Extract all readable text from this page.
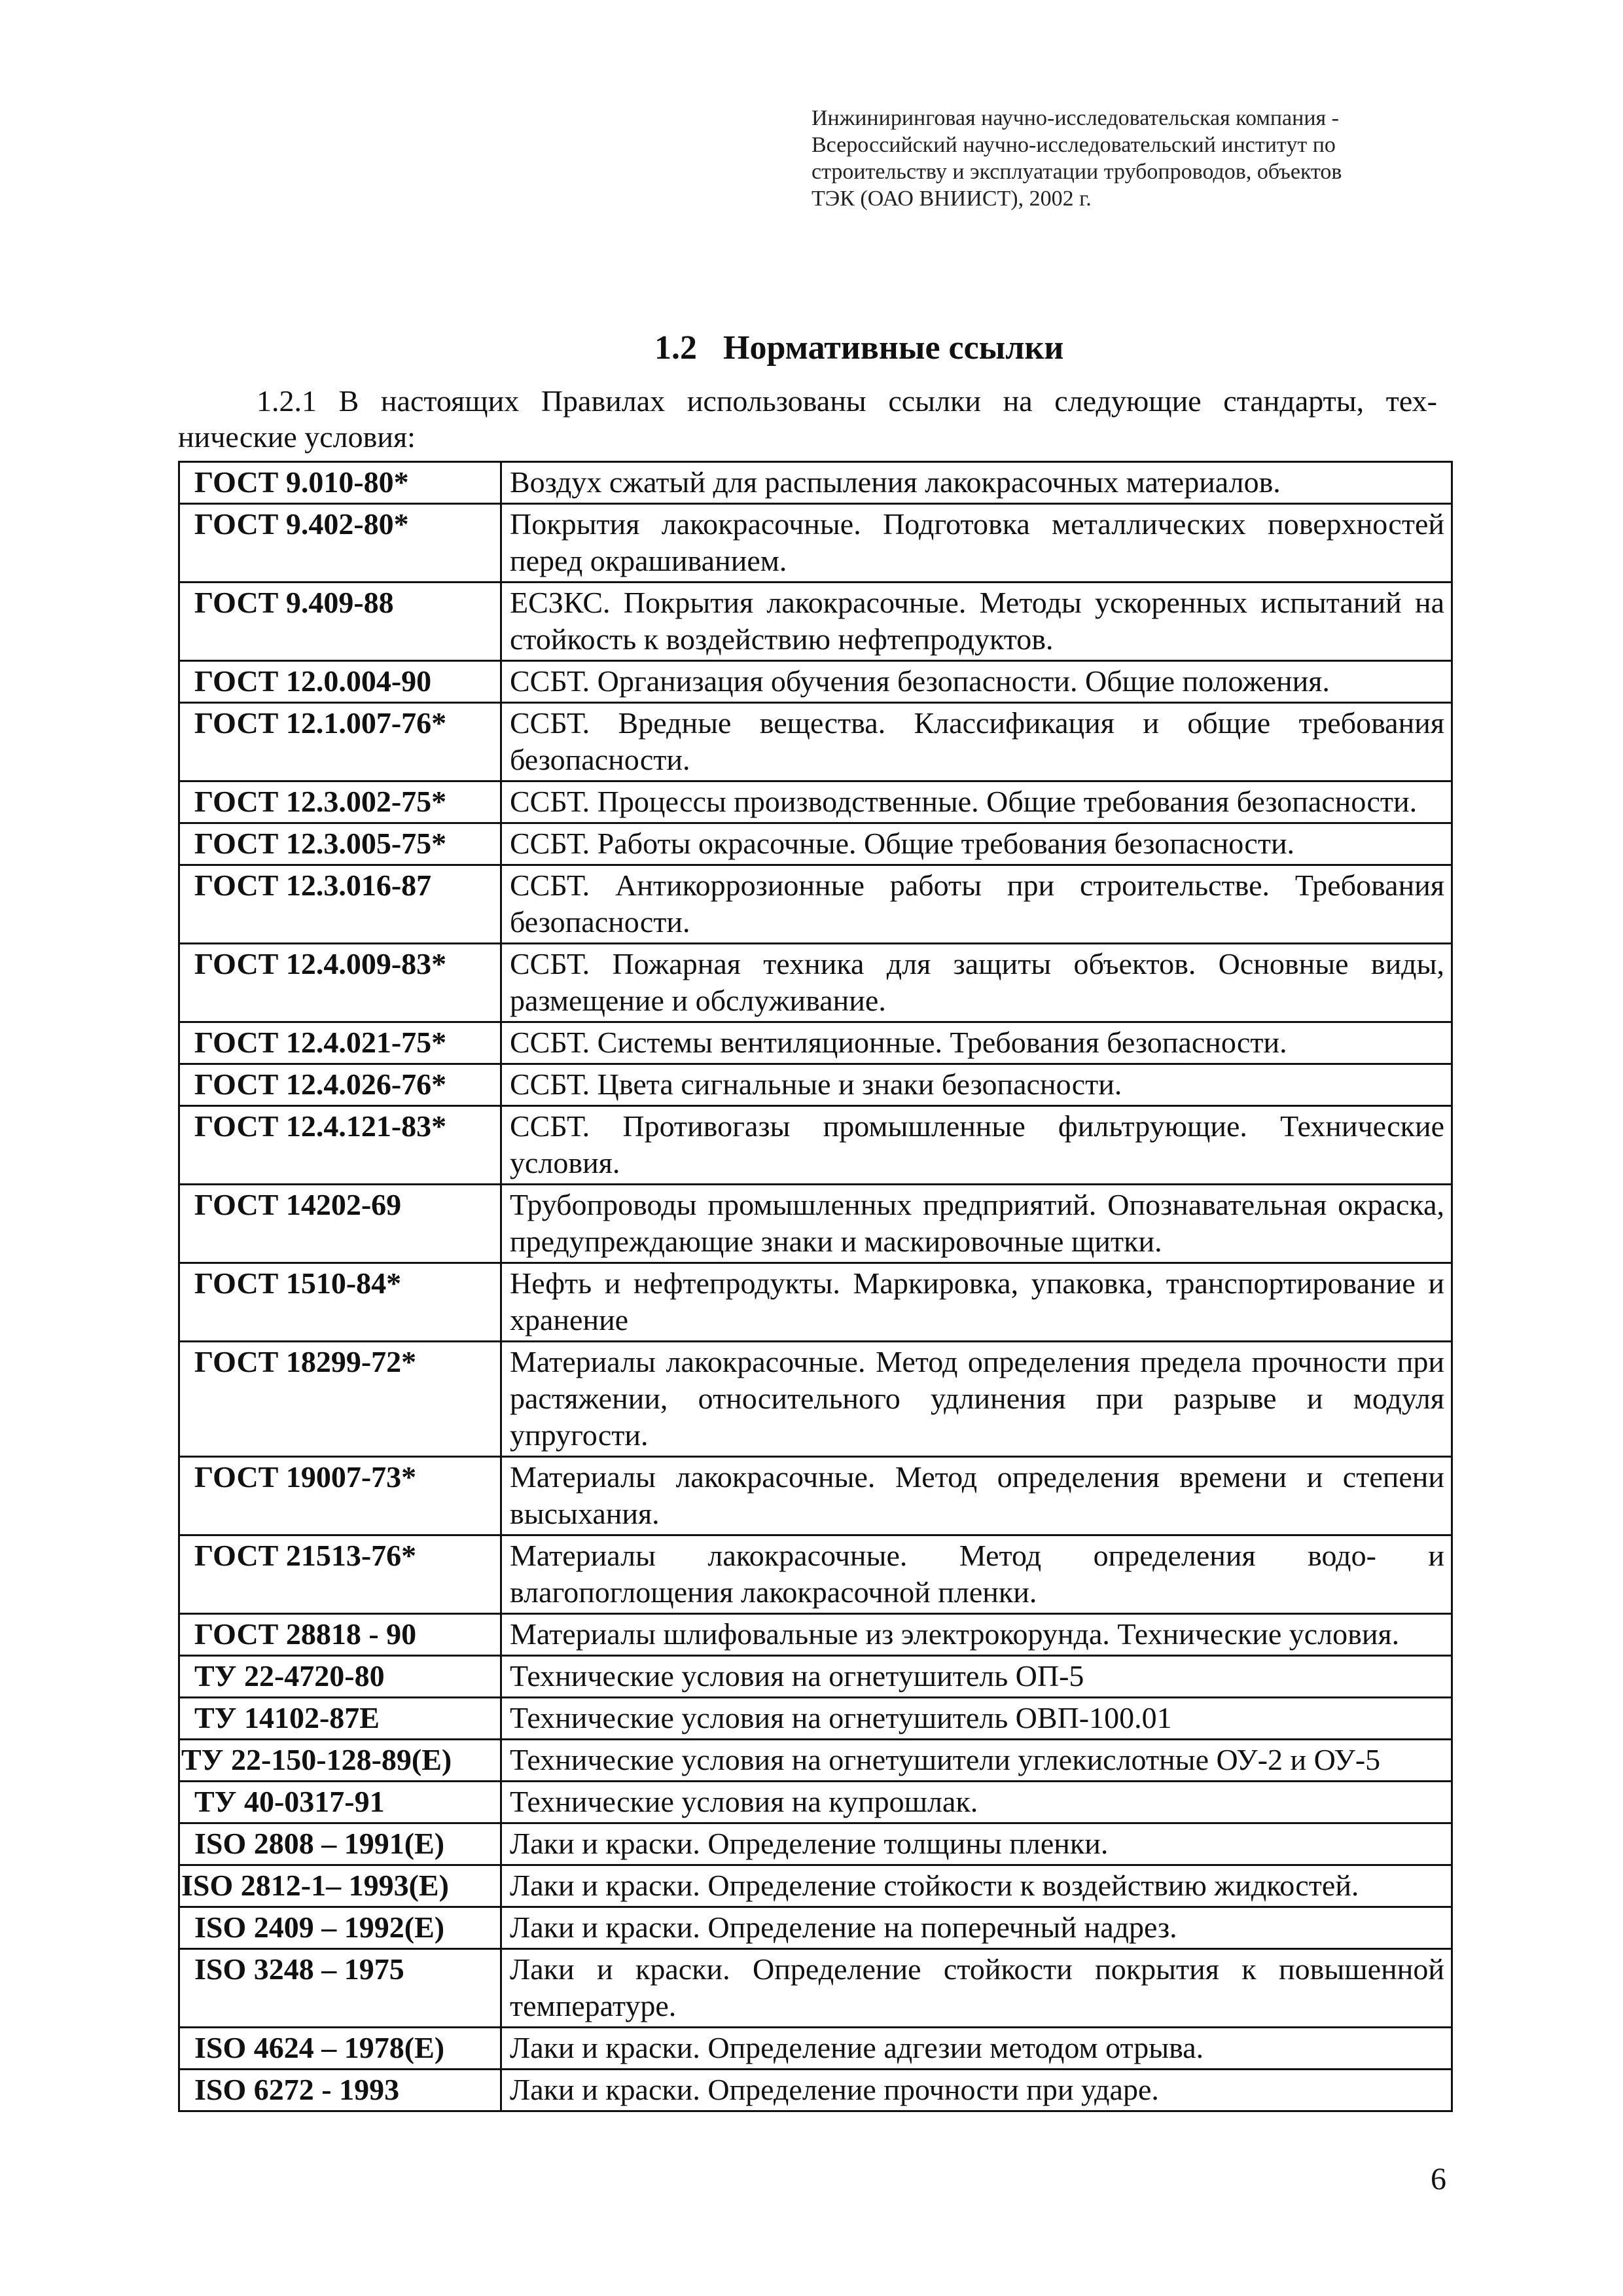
Инжиниринговая научно-исследовательская компания -
Всероссийский научно-исследовательский институт по
строительству и эксплуатации трубопроводов, объектов
ТЭК (ОАО ВНИИСТ), 2002 г.
1.2 Нормативные ссылки
1.2.1 В настоящих Правилах использованы ссылки на следующие стандарты, тех-
нические условия:
ГОСТ 9.010-80*	Воздух сжатый для распыления лакокрасочных материалов.
ГОСТ 9.402-80*	Покрытия лакокрасочные. Подготовка металлических поверхностей перед окрашиванием.
ГОСТ 9.409-88	ЕСЗКС. Покрытия лакокрасочные. Методы ускоренных испытаний на стойкость к воздействию нефтепродуктов.
ГОСТ 12.0.004-90	ССБТ. Организация обучения безопасности. Общие положения.
ГОСТ 12.1.007-76*	ССБТ. Вредные вещества. Классификация и общие требования безопасности.
ГОСТ 12.3.002-75*	ССБТ. Процессы производственные. Общие требования безопасности.
ГОСТ 12.3.005-75*	ССБТ. Работы окрасочные. Общие требования безопасности.
ГОСТ 12.3.016-87	ССБТ. Антикоррозионные работы при строительстве. Требования безопасности.
ГОСТ 12.4.009-83*	ССБТ. Пожарная техника для защиты объектов. Основные виды, размещение и обслуживание.
ГОСТ 12.4.021-75*	ССБТ. Системы вентиляционные. Требования безопасности.
ГОСТ 12.4.026-76*	ССБТ. Цвета сигнальные и знаки безопасности.
ГОСТ 12.4.121-83*	ССБТ. Противогазы промышленные фильтрующие. Технические условия.
ГОСТ 14202-69	Трубопроводы промышленных предприятий. Опознавательная окраска, предупреждающие знаки и маскировочные щитки.
ГОСТ 1510-84*	Нефть и нефтепродукты. Маркировка, упаковка, транспортирование и хранение
ГОСТ 18299-72*	Материалы лакокрасочные. Метод определения предела прочности при растяжении, относительного удлинения при разрыве и модуля упругости.
ГОСТ 19007-73*	Материалы лакокрасочные. Метод определения времени и степени высыхания.
ГОСТ 21513-76*	Материалы лакокрасочные. Метод определения водо- и влагопоглощения лакокрасочной пленки.
ГОСТ 28818 - 90	Материалы шлифовальные из электрокорунда. Технические условия.
ТУ 22-4720-80	Технические условия на огнетушитель ОП-5
ТУ 14102-87Е	Технические условия на огнетушитель ОВП-100.01
ТУ 22-150-128-89(Е)	Технические условия на огнетушители углекислотные ОУ-2 и ОУ-5
ТУ 40-0317-91	Технические условия на купрошлак.
ISO 2808 – 1991(E)	Лаки и краски. Определение толщины пленки.
ISO 2812-1– 1993(E)	Лаки и краски. Определение стойкости к воздействию жидкостей.
ISO 2409 – 1992(E)	Лаки и краски. Определение на поперечный надрез.
ISO 3248 – 1975	Лаки и краски. Определение стойкости покрытия к повышенной температуре.
ISO 4624 – 1978(E)	Лаки и краски. Определение адгезии методом отрыва.
ISO 6272 - 1993	Лаки и краски. Определение прочности при ударе.
6
